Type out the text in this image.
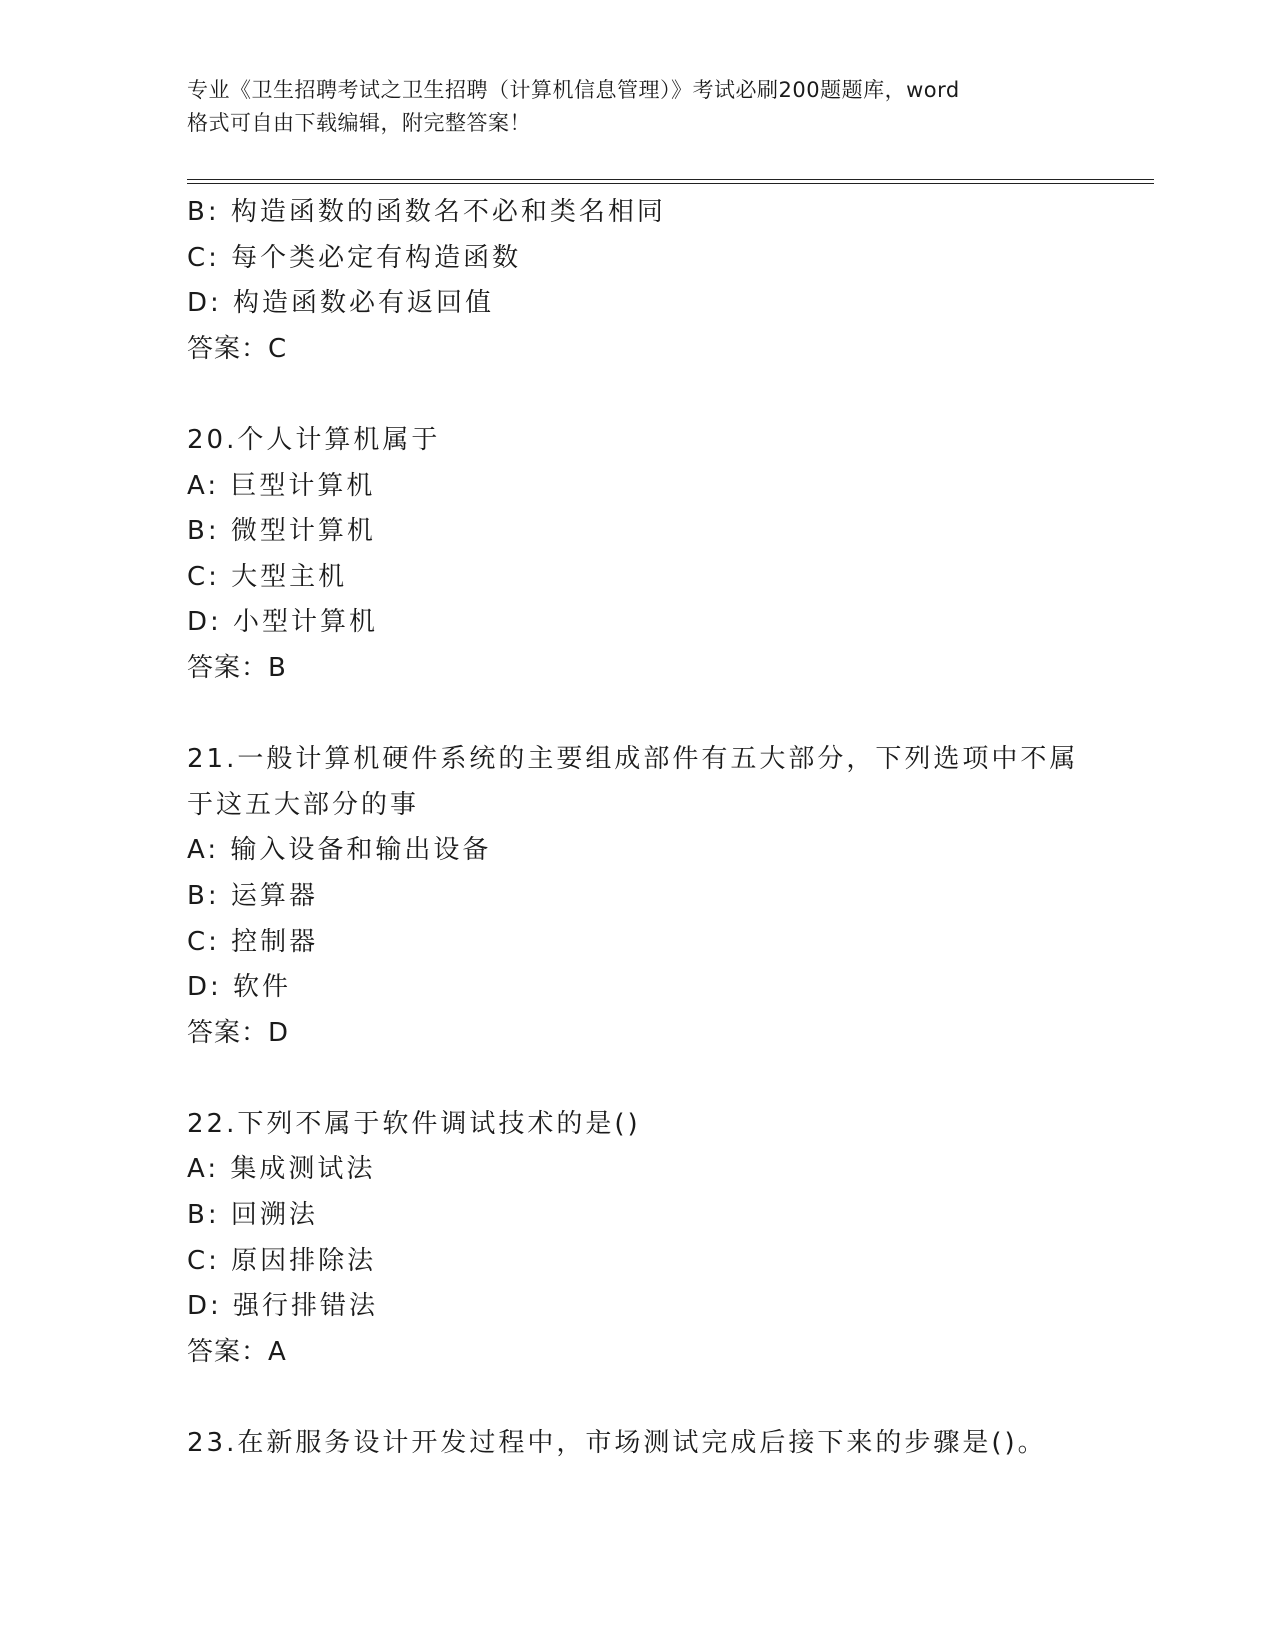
专业《卫生招聘考试之卫生招聘（计算机信息管理）》考试必刷200题题库，word
格式可自由下载编辑，附完整答案！
B: 构造函数的函数名不必和类名相同
C: 每个类必定有构造函数
D: 构造函数必有返回值
答案：C
20.个人计算机属于
A: 巨型计算机
B: 微型计算机
C: 大型主机
D: 小型计算机
答案：B
21.一般计算机硬件系统的主要组成部件有五大部分，下列选项中不属
于这五大部分的事
A: 输入设备和输出设备
B: 运算器
C: 控制器
D: 软件
答案：D
22.下列不属于软件调试技术的是()
A: 集成测试法
B: 回溯法
C: 原因排除法
D: 强行排错法
答案：A
23.在新服务设计开发过程中，市场测试完成后接下来的步骤是()。
